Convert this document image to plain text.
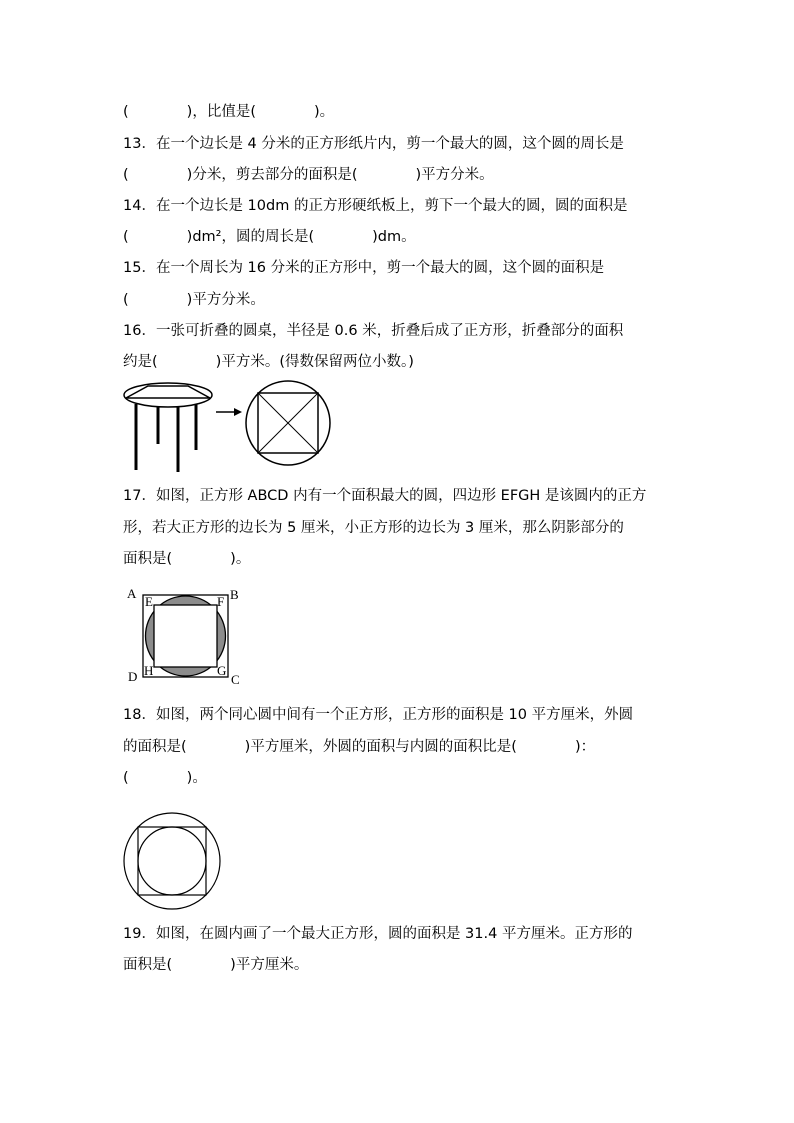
(　　　　)，比值是(　　　　)。
13．在一个边长是 4 分米的正方形纸片内，剪一个最大的圆，这个圆的周长是
(　　　　)分米，剪去部分的面积是(　　　　)平方分米。
14．在一个边长是 10dm 的正方形硬纸板上，剪下一个最大的圆，圆的面积是
(　　　　)dm²，圆的周长是(　　　　)dm。
15．在一个周长为 16 分米的正方形中，剪一个最大的圆，这个圆的面积是
(　　　　)平方分米。
16．一张可折叠的圆桌，半径是 0.6 米，折叠后成了正方形，折叠部分的面积
约是(　　　　)平方米。(得数保留两位小数。)
17．如图，正方形 ABCD 内有一个面积最大的圆，四边形 EFGH 是该圆内的正方
形，若大正方形的边长为 5 厘米，小正方形的边长为 3 厘米，那么阴影部分的
面积是(　　　　)。
A	B
C
D
E	F
G
H
18．如图，两个同心圆中间有一个正方形，正方形的面积是 10 平方厘米，外圆
的面积是(　　　　)平方厘米，外圆的面积与内圆的面积比是(　　　　)：
(　　　　)。
19．如图，在圆内画了一个最大正方形，圆的面积是 31.4 平方厘米。正方形的
面积是(　　　　)平方厘米。
